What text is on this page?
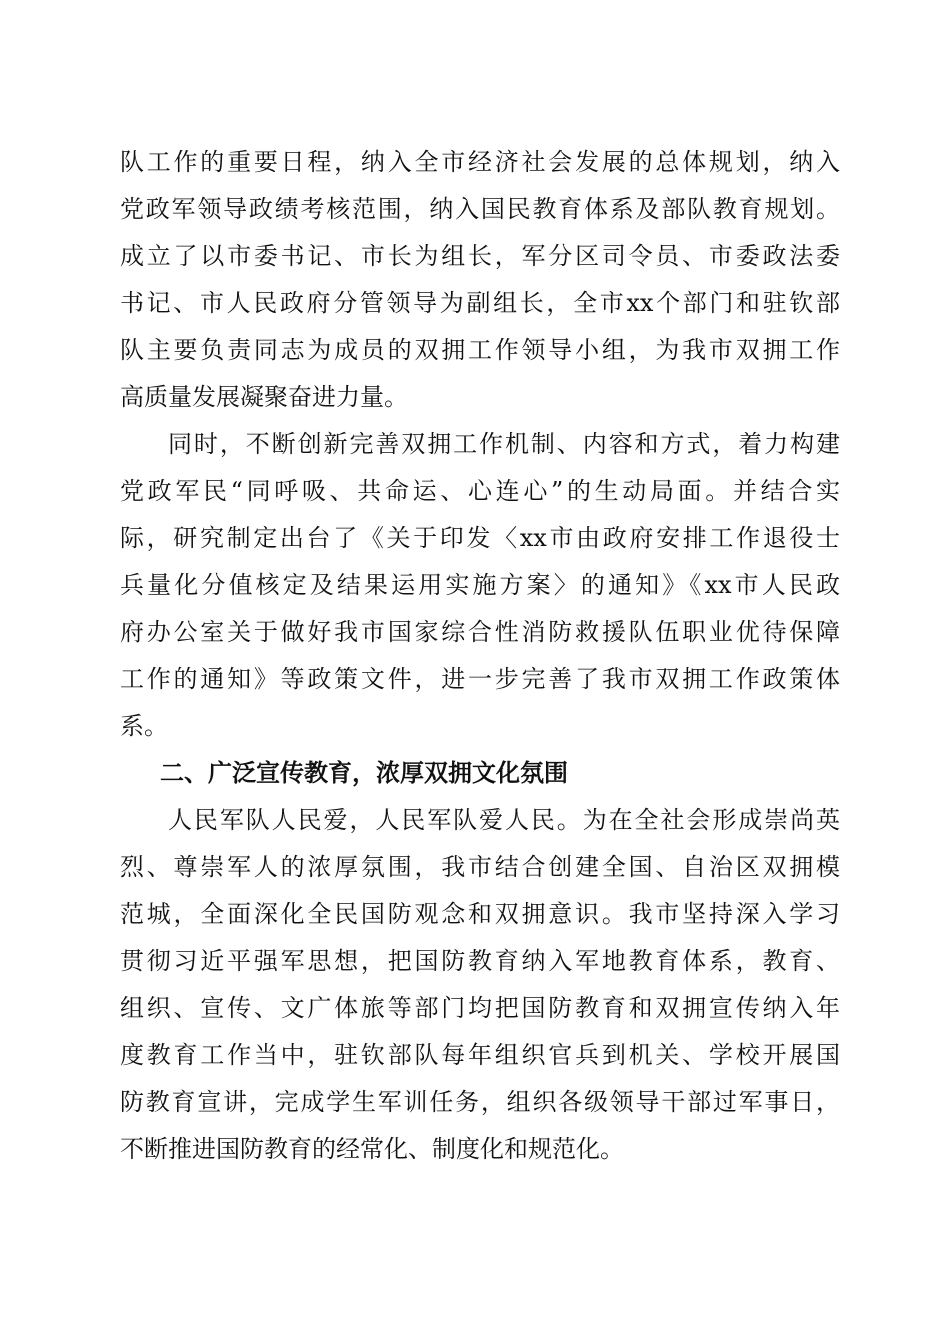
队工作的重要日程，纳入全市经济社会发展的总体规划，纳入
党政军领导政绩考核范围，纳入国民教育体系及部队教育规划。
成立了以市委书记、市长为组长，军分区司令员、市委政法委
书记、市人民政府分管领导为副组长，全市xx个部门和驻钦部
队主要负责同志为成员的双拥工作领导小组，为我市双拥工作
高质量发展凝聚奋进力量。
同时，不断创新完善双拥工作机制、内容和方式，着力构建
党政军民“同呼吸、共命运、心连心”的生动局面。并结合实
际，研究制定出台了《关于印发〈xx市由政府安排工作退役士
兵量化分值核定及结果运用实施方案〉的通知》《xx市人民政
府办公室关于做好我市国家综合性消防救援队伍职业优待保障
工作的通知》等政策文件，进一步完善了我市双拥工作政策体
系。
二、广泛宣传教育，浓厚双拥文化氛围
人民军队人民爱，人民军队爱人民。为在全社会形成崇尚英
烈、尊崇军人的浓厚氛围，我市结合创建全国、自治区双拥模
范城，全面深化全民国防观念和双拥意识。我市坚持深入学习
贯彻习近平强军思想，把国防教育纳入军地教育体系，教育、
组织、宣传、文广体旅等部门均把国防教育和双拥宣传纳入年
度教育工作当中，驻钦部队每年组织官兵到机关、学校开展国
防教育宣讲，完成学生军训任务，组织各级领导干部过军事日，
不断推进国防教育的经常化、制度化和规范化。
